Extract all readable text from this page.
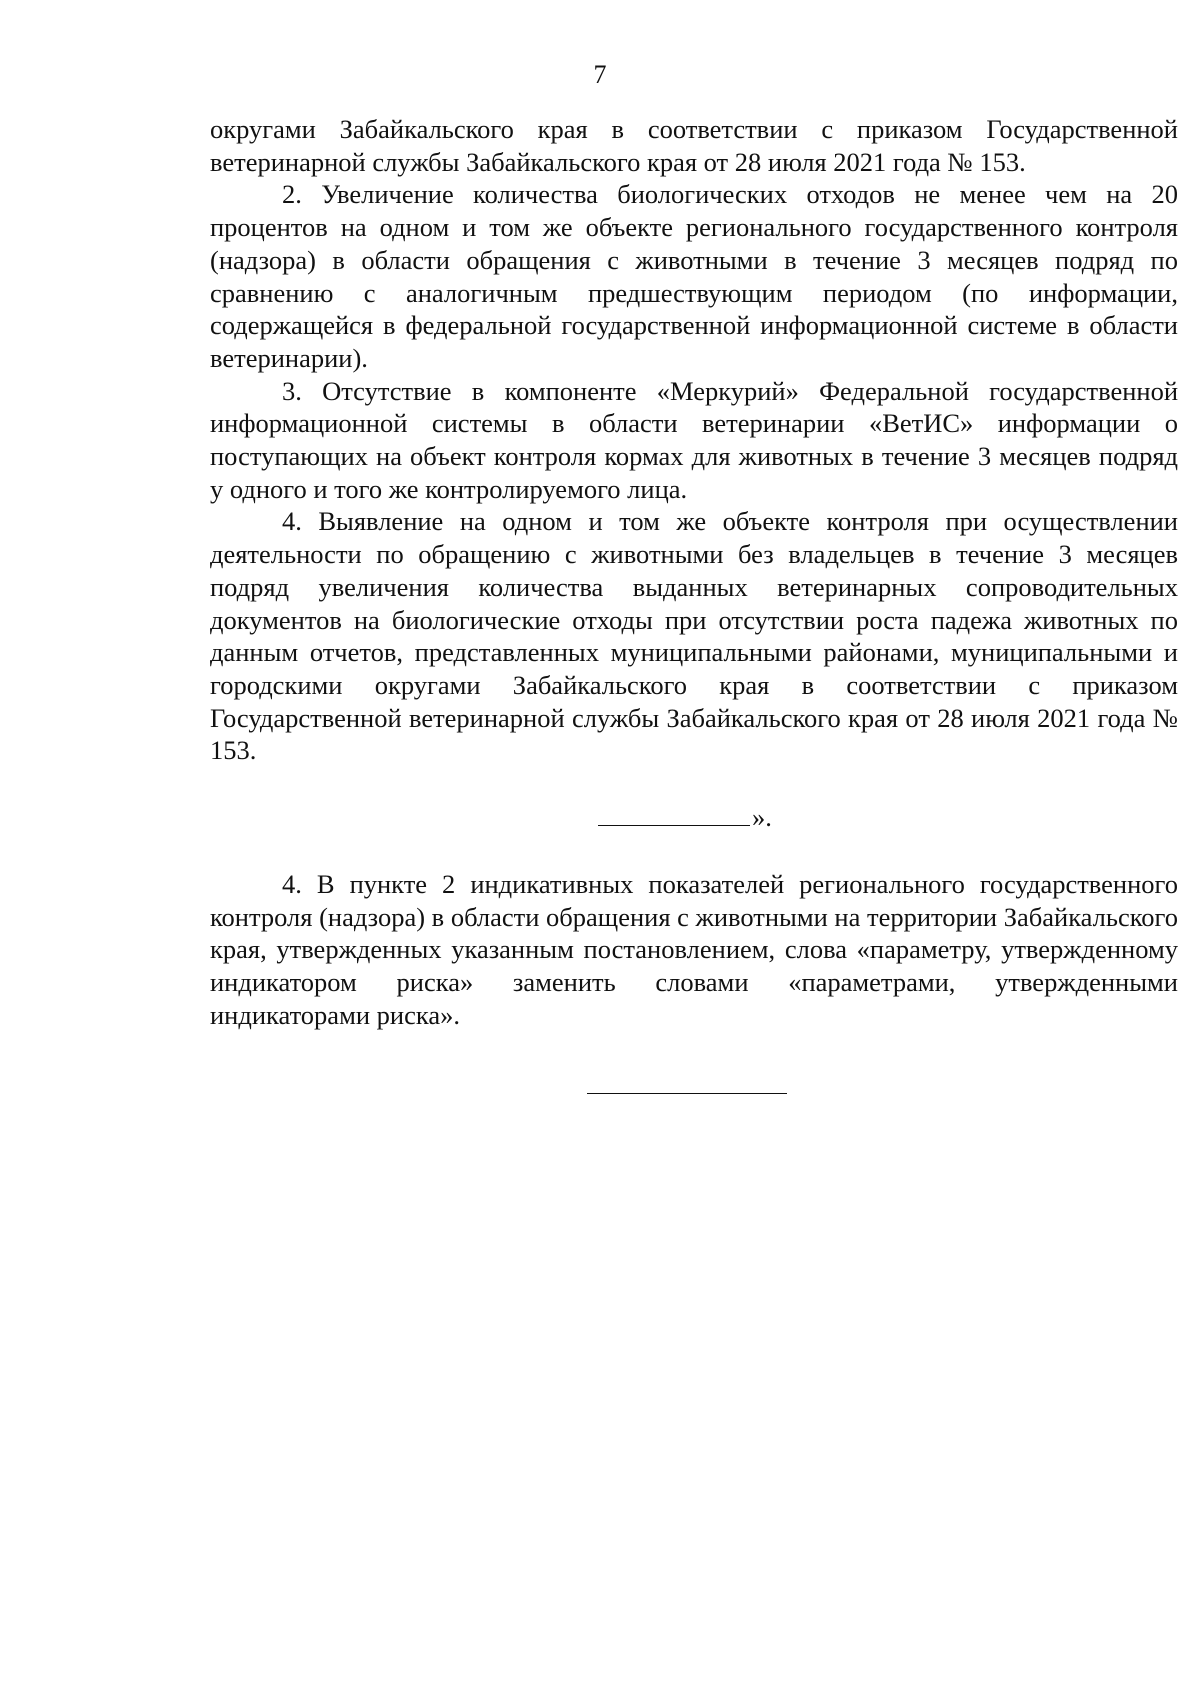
7

округами Забайкальского края в соответствии с приказом Государственной ветеринарной службы Забайкальского края от 28 июля 2021 года № 153.

2. Увеличение количества биологических отходов не менее чем на 20 процентов на одном и том же объекте регионального государственного контроля (надзора) в области обращения с животными в течение 3 месяцев подряд по сравнению с аналогичным предшествующим периодом (по информации, содержащейся в федеральной государственной информационной системе в области ветеринарии).

3. Отсутствие в компоненте «Меркурий» Федеральной государственной информационной системы в области ветеринарии «ВетИС» информации о поступающих на объект контроля кормах для животных в течение 3 месяцев подряд у одного и того же контролируемого лица.

4. Выявление на одном и том же объекте контроля при осуществлении деятельности по обращению с животными без владельцев в течение 3 месяцев подряд увеличения количества выданных ветеринарных сопроводительных документов на биологические отходы при отсутствии роста падежа животных по данным отчетов, представленных муниципальными районами, муниципальными и городскими округами Забайкальского края в соответствии с приказом Государственной ветеринарной службы Забайкальского края от 28 июля 2021 года № 153.

».

4. В пункте 2 индикативных показателей регионального государственного контроля (надзора) в области обращения с животными на территории Забайкальского края, утвержденных указанным постановлением, слова «параметру, утвержденному индикатором риска» заменить словами «параметрами, утвержденными индикаторами риска».
